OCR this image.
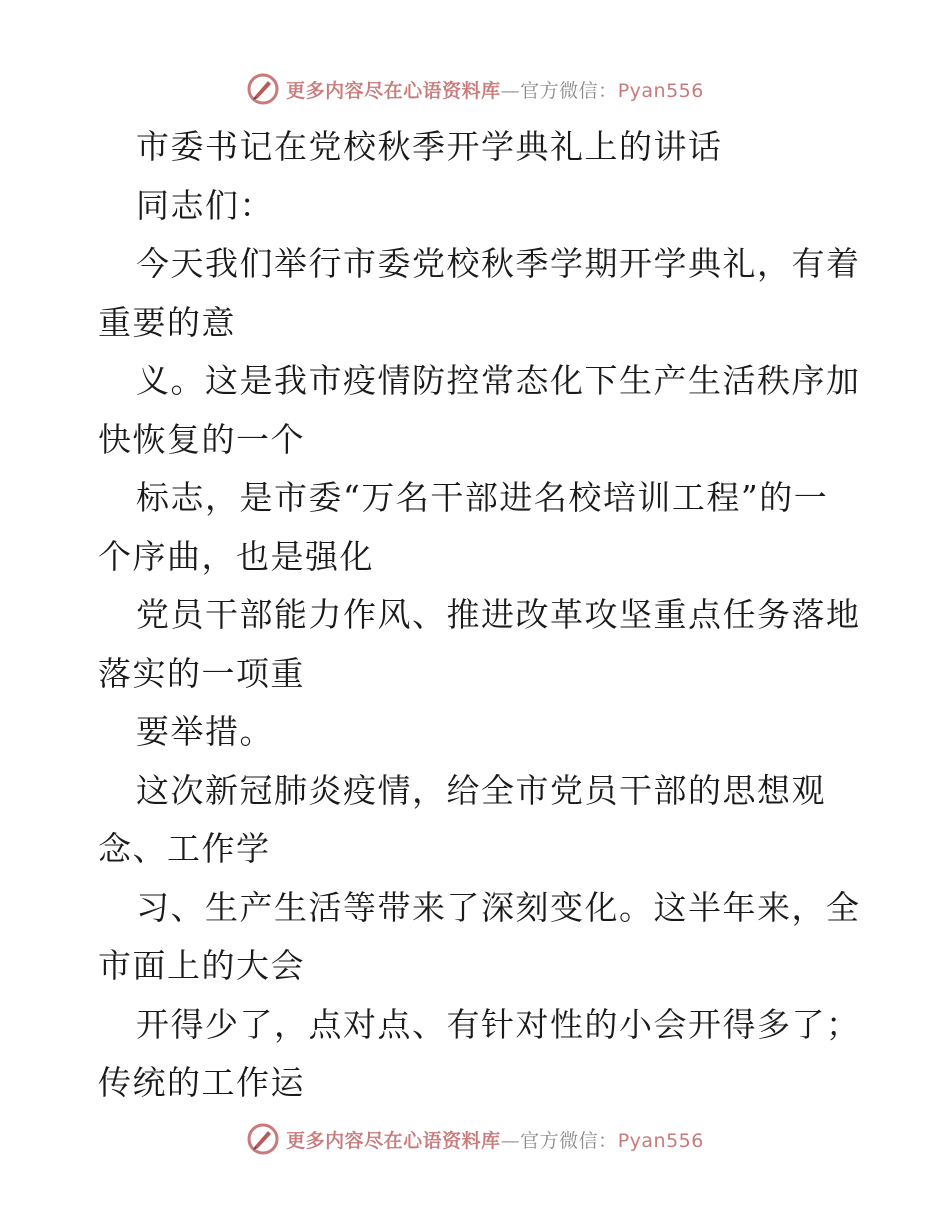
更多内容尽在心语资料库—官方微信：Pyan556
市委书记在党校秋季开学典礼上的讲话
同志们：
今天我们举行市委党校秋季学期开学典礼，有着
重要的意
义。这是我市疫情防控常态化下生产生活秩序加
快恢复的一个
标志，是市委“万名干部进名校培训工程”的一
个序曲，也是强化
党员干部能力作风、推进改革攻坚重点任务落地
落实的一项重
要举措。
这次新冠肺炎疫情，给全市党员干部的思想观
念、工作学
习、生产生活等带来了深刻变化。这半年来，全
市面上的大会
开得少了，点对点、有针对性的小会开得多了；
传统的工作运
更多内容尽在心语资料库—官方微信：Pyan556
